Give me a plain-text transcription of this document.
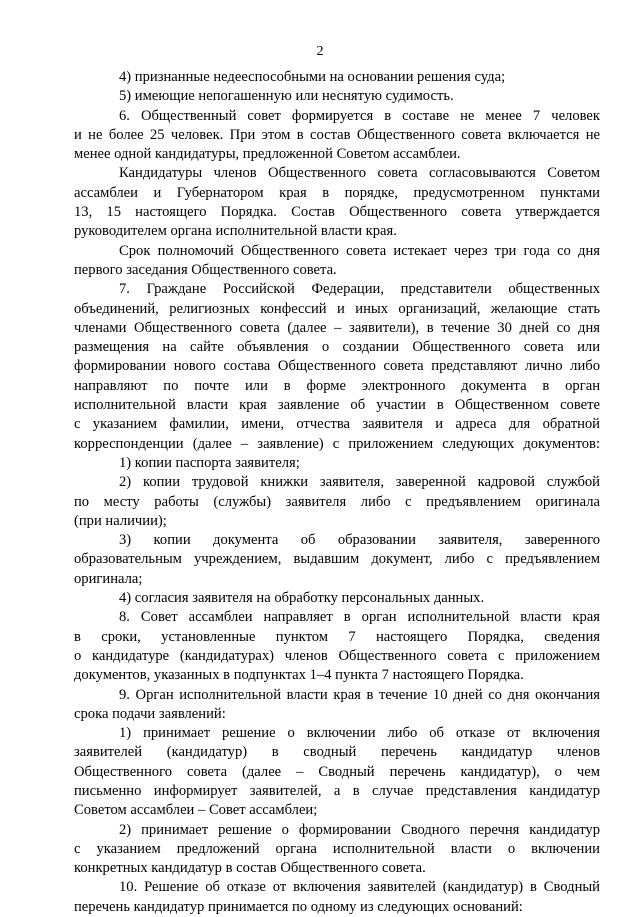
2
4) признанные недееспособными на основании решения суда;
5) имеющие непогашенную или неснятую судимость.
6. Общественный совет формируется в составе не менее 7 человек
и не более 25 человек. При этом в состав Общественного совета включается не
менее одной кандидатуры, предложенной Советом ассамблеи.
Кандидатуры членов Общественного совета согласовываются Советом
ассамблеи и Губернатором края в порядке, предусмотренном пунктами
13, 15 настоящего Порядка. Состав Общественного совета утверждается
руководителем органа исполнительной власти края.
Срок полномочий Общественного совета истекает через три года со дня
первого заседания Общественного совета.
7. Граждане Российской Федерации, представители общественных
объединений, религиозных конфессий и иных организаций, желающие стать
членами Общественного совета (далее – заявители), в течение 30 дней со дня
размещения на сайте объявления о создании Общественного совета или
формировании нового состава Общественного совета представляют лично либо
направляют по почте или в форме электронного документа в орган
исполнительной власти края заявление об участии в Общественном совете
с указанием фамилии, имени, отчества заявителя и адреса для обратной
корреспонденции (далее – заявление) с приложением следующих документов:
1) копии паспорта заявителя;
2) копии трудовой книжки заявителя, заверенной кадровой службой
по месту работы (службы) заявителя либо с предъявлением оригинала
(при наличии);
3) копии документа об образовании заявителя, заверенного
образовательным учреждением, выдавшим документ, либо с предъявлением
оригинала;
4) согласия заявителя на обработку персональных данных.
8. Совет ассамблеи направляет в орган исполнительной власти края
в сроки, установленные пунктом 7 настоящего Порядка, сведения
о кандидатуре (кандидатурах) членов Общественного совета с приложением
документов, указанных в подпунктах 1–4 пункта 7 настоящего Порядка.
9. Орган исполнительной власти края в течение 10 дней со дня окончания
срока подачи заявлений:
1) принимает решение о включении либо об отказе от включения
заявителей (кандидатур) в сводный перечень кандидатур членов
Общественного совета (далее – Сводный перечень кандидатур), о чем
письменно информирует заявителей, а в случае представления кандидатур
Советом ассамблеи – Совет ассамблеи;
2) принимает решение о формировании Сводного перечня кандидатур
с указанием предложений органа исполнительной власти о включении
конкретных кандидатур в состав Общественного совета.
10. Решение об отказе от включения заявителей (кандидатур) в Сводный
перечень кандидатур принимается по одному из следующих оснований:
